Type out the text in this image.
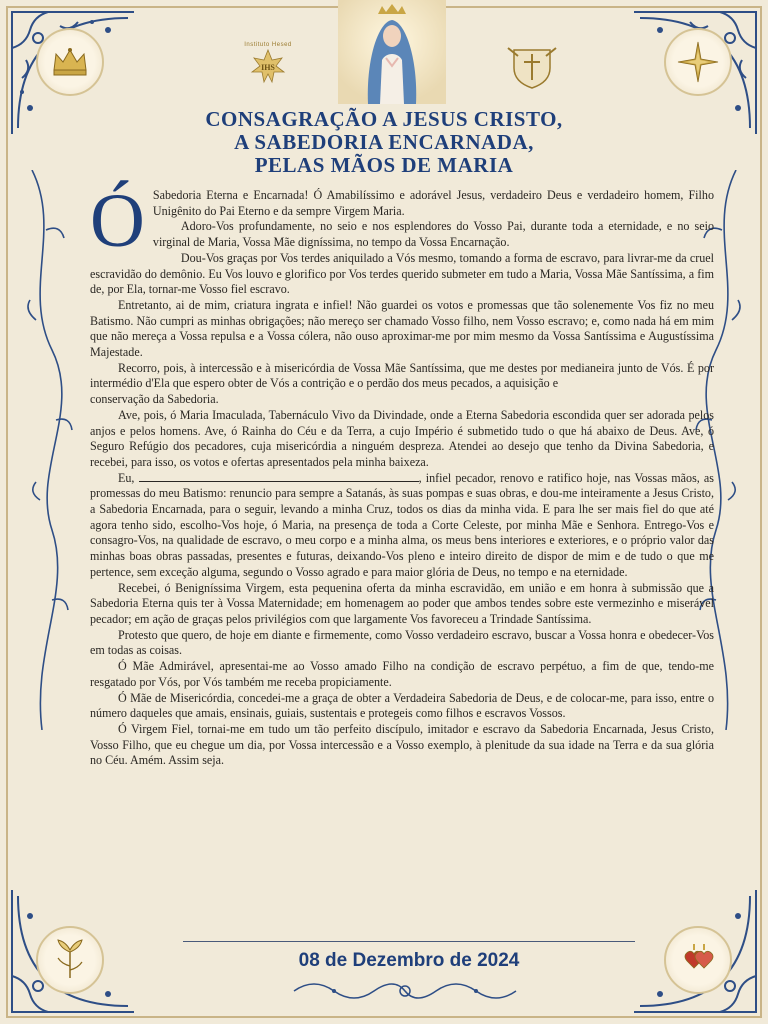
Instituto Hesed
IHS
CONSAGRAÇÃO A JESUS CRISTO,
A SABEDORIA ENCARNADA,
PELAS MÃOS DE MARIA
Ó Sabedoria Eterna e Encarnada! Ó Amabilíssimo e adorável Jesus, verdadeiro Deus e verdadeiro homem, Filho Unigênito do Pai Eterno e da sempre Virgem Maria.

Adoro-Vos profundamente, no seio e nos esplendores do Vosso Pai, durante toda a eternidade, e no seio virginal de Maria, Vossa Mãe digníssima, no tempo da Vossa Encarnação.

Dou-Vos graças por Vos terdes aniquilado a Vós mesmo, tomando a forma de escravo, para livrar-me da cruel escravidão do demônio. Eu Vos louvo e glorifico por Vos terdes querido submeter em tudo a Maria, Vossa Mãe Santíssima, a fim de, por Ela, tornar-me Vosso fiel escravo.

Entretanto, ai de mim, criatura ingrata e infiel! Não guardei os votos e promessas que tão solenemente Vos fiz no meu Batismo. Não cumpri as minhas obrigações; não mereço ser chamado Vosso filho, nem Vosso escravo; e, como nada há em mim que não mereça a Vossa repulsa e a Vossa cólera, não ouso aproximar-me por mim mesmo da Vossa Santíssima e Augustíssima Majestade.

Recorro, pois, à intercessão e à misericórdia de Vossa Mãe Santíssima, que me destes por medianeira junto de Vós. É por intermédio d'Ela que espero obter de Vós a contrição e o perdão dos meus pecados, a aquisição e

conservação da Sabedoria.

Ave, pois, ó Maria Imaculada, Tabernáculo Vivo da Divindade, onde a Eterna Sabedoria escondida quer ser adorada pelos anjos e pelos homens. Ave, ó Rainha do Céu e da Terra, a cujo Império é submetido tudo o que há abaixo de Deus. Ave, ó Seguro Refúgio dos pecadores, cuja misericórdia a ninguém despreza. Atendei ao desejo que tenho da Divina Sabedoria, e recebei, para isso, os votos e ofertas apresentados pela minha baixeza.

Eu,	, infiel pecador, renovo e ratifico hoje, nas Vossas mãos, as promessas do meu Batismo: renuncio para sempre a Satanás, às suas pompas e suas obras, e dou-me inteiramente a Jesus Cristo, a Sabedoria Encarnada, para o seguir, levando a minha Cruz, todos os dias da minha vida. E para lhe ser mais fiel do que até agora tenho sido, escolho-Vos hoje, ó Maria, na presença de toda a Corte Celeste, por minha Mãe e Senhora. Entrego-Vos e consagro-Vos, na qualidade de escravo, o meu corpo e a minha alma, os meus bens interiores e exteriores, e o próprio valor das minhas boas obras passadas, presentes e futuras, deixando-Vos pleno e inteiro direito de dispor de mim e de tudo o que me pertence, sem exceção alguma, segundo o Vosso agrado e para maior glória de Deus, no tempo e na eternidade.

Recebei, ó Benigníssima Virgem, esta pequenina oferta da minha escravidão, em união e em honra à submissão que a Sabedoria Eterna quis ter à Vossa Maternidade; em homenagem ao poder que ambos tendes sobre este vermezinho e miserável pecador; em ação de graças pelos privilégios com que largamente Vos favoreceu a Trindade Santíssima.

Protesto que quero, de hoje em diante e firmemente, como Vosso verdadeiro escravo, buscar a Vossa honra e obedecer-Vos em todas as coisas.

Ó Mãe Admirável, apresentai-me ao Vosso amado Filho na condição de escravo perpétuo, a fim de que, tendo-me resgatado por Vós, por Vós também me receba propiciamente.

Ó Mãe de Misericórdia, concedei-me a graça de obter a Verdadeira Sabedoria de Deus, e de colocar-me, para isso, entre o número daqueles que amais, ensinais, guiais, sustentais e protegeis como filhos e escravos Vossos.

Ó Virgem Fiel, tornai-me em tudo um tão perfeito discípulo, imitador e escravo da Sabedoria Encarnada, Jesus Cristo, Vosso Filho, que eu chegue um dia, por Vossa intercessão e a Vosso exemplo, à plenitude da sua idade na Terra e da sua glória no Céu. Amém. Assim seja.

08 de Dezembro de 2024
